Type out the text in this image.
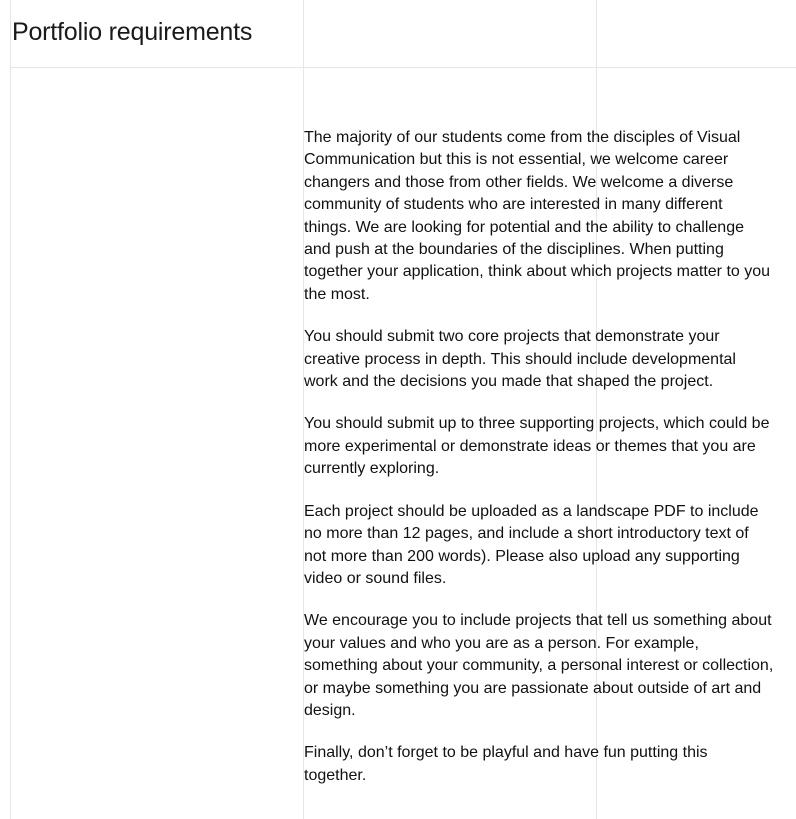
Portfolio requirements

The majority of our students come from the disciples of Visual Communication but this is not essential, we welcome career changers and those from other fields. We welcome a diverse community of students who are interested in many different things. We are looking for potential and the ability to challenge and push at the boundaries of the disciplines. When putting together your application, think about which projects matter to you the most.

You should submit two core projects that demonstrate your creative process in depth. This should include developmental work and the decisions you made that shaped the project.

You should submit up to three supporting projects, which could be more experimental or demonstrate ideas or themes that you are currently exploring.

Each project should be uploaded as a landscape PDF to include no more than 12 pages, and include a short introductory text of not more than 200 words). Please also upload any supporting video or sound files.

We encourage you to include projects that tell us something about your values and who you are as a person. For example, something about your community, a personal interest or collection, or maybe something you are passionate about outside of art and design.

Finally, don’t forget to be playful and have fun putting this together.
